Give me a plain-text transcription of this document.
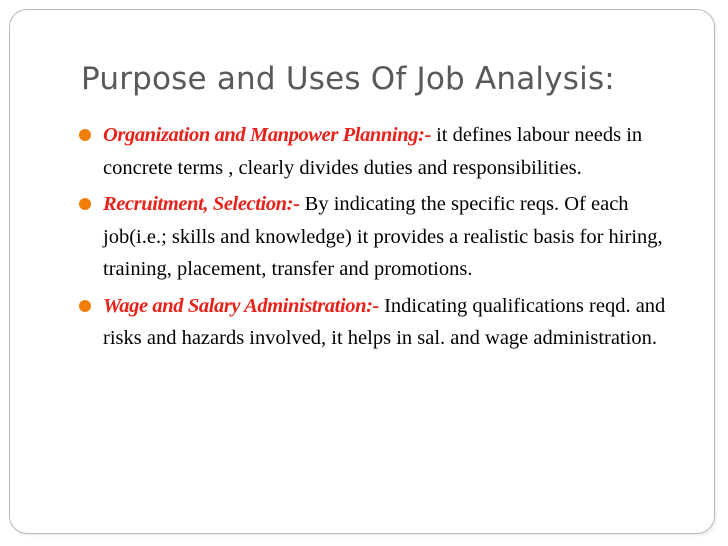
Purpose and Uses Of Job Analysis:
Organization and Manpower Planning:- it defines labour needs in concrete terms , clearly divides duties and responsibilities.
Recruitment, Selection:- By indicating the specific reqs. Of each job(i.e.; skills and knowledge) it provides a realistic basis for hiring, training, placement, transfer and promotions.
Wage and Salary Administration:- Indicating qualifications reqd. and risks and hazards involved, it helps in sal. and wage administration.
